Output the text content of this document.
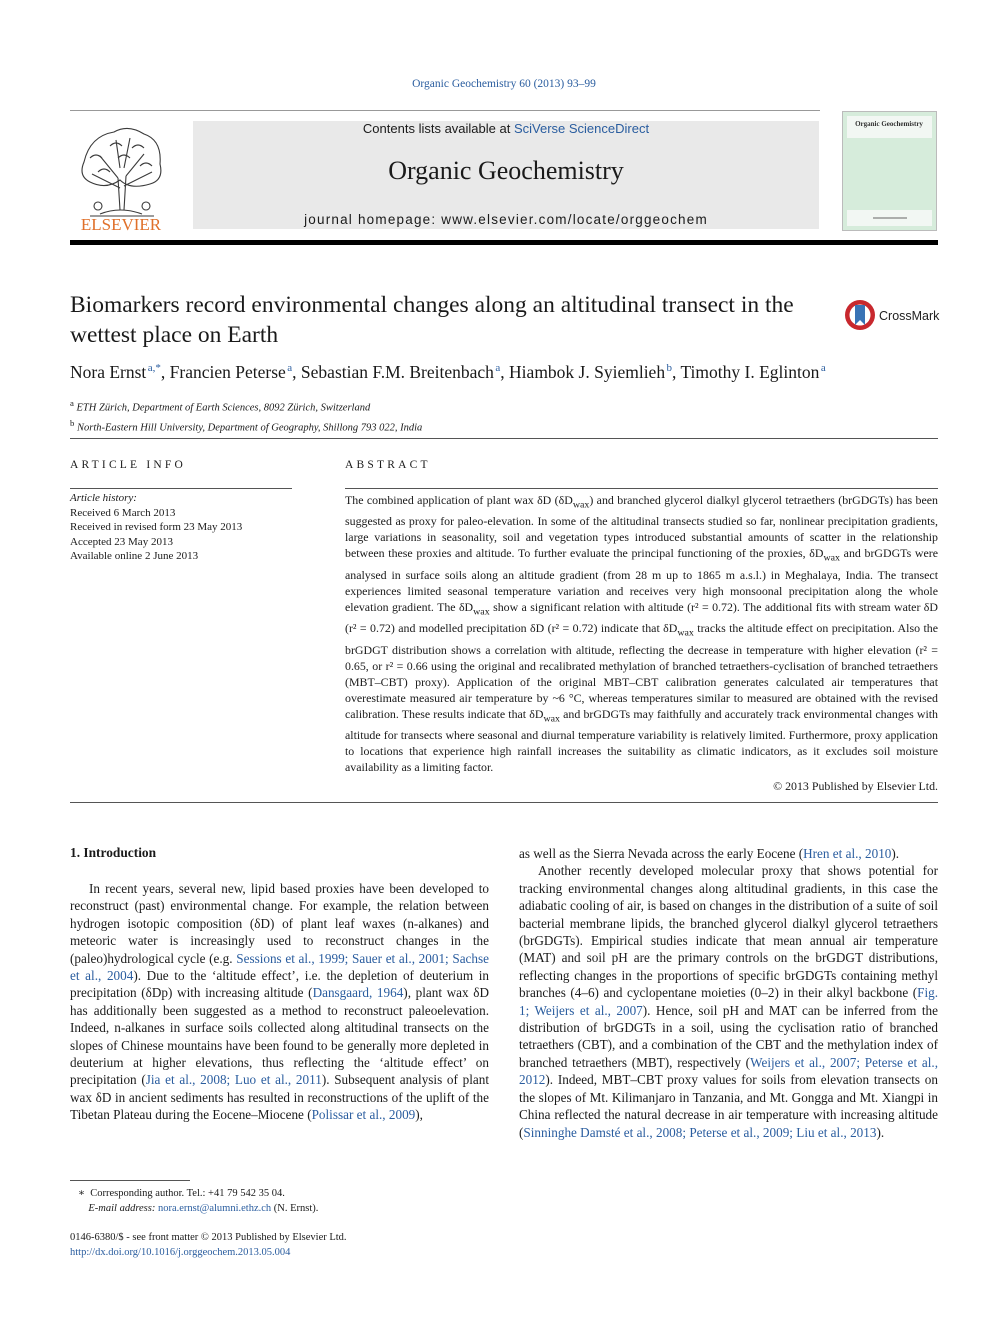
Organic Geochemistry 60 (2013) 93–99
ELSEVIER
Contents lists available at SciVerse ScienceDirect
Organic Geochemistry
journal homepage: www.elsevier.com/locate/orggeochem
Organic Geochemistry
Biomarkers record environmental changes along an altitudinal transect in the wettest place on Earth
CrossMark
Nora Ernst $^{a,*}$, Francien Peterse $^a$, Sebastian F.M. Breitenbach $^a$, Hiambok J. Syiemlieh $^b$, Timothy I. Eglinton $^a$
$^a$ ETH Zürich, Department of Earth Sciences, 8092 Zürich, Switzerland
$^b$ North-Eastern Hill University, Department of Geography, Shillong 793 022, India
ARTICLE INFO
Article history:
Received 6 March 2013
Received in revised form 23 May 2013
Accepted 23 May 2013
Available online 2 June 2013
ABSTRACT
The combined application of plant wax δD $(\delta D_{wax})$ and branched glycerol dialkyl glycerol tetraethers (brGDGTs) has been suggested as proxy for paleo-elevation. In some of the altitudinal transects studied so far, nonlinear precipitation gradients, large variations in seasonality, soil and vegetation types introduced substantial amounts of scatter in the relationship between these proxies and altitude. To further evaluate the principal functioning of the proxies, $\delta D_{wax}$ and brGDGTs were analysed in surface soils along an altitude gradient (from 28 m up to 1865 m a.s.l.) in Meghalaya, India. The transect experiences limited seasonal temperature variation and receives very high monsoonal precipitation along the whole elevation gradient. The $\delta D_{wax}$ show a significant relation with altitude (r² = 0.72). The additional fits with stream water δD (r² = 0.72) and modelled precipitation δD (r² = 0.72) indicate that $\delta D_{wax}$ tracks the altitude effect on precipitation. Also the brGDGT distribution shows a correlation with altitude, reflecting the decrease in temperature with higher elevation (r² = 0.65, or r² = 0.66 using the original and recalibrated methylation of branched tetraethers-cyclisation of branched tetraethers (MBT–CBT) proxy). Application of the original MBT–CBT calibration generates calculated air temperatures that overestimate measured air temperature by ~6 °C, whereas temperatures similar to measured are obtained with the revised calibration. These results indicate that $\delta D_{wax}$ and brGDGTs may faithfully and accurately track environmental changes with altitude for transects where seasonal and diurnal temperature variability is relatively limited. Furthermore, proxy application to locations that experience high rainfall increases the suitability as climatic indicators, as it excludes soil moisture availability as a limiting factor.
© 2013 Published by Elsevier Ltd.
1. Introduction

In recent years, several new, lipid based proxies have been developed to reconstruct (past) environmental change. For example, the relation between hydrogen isotopic composition (δD) of plant leaf waxes (n-alkanes) and meteoric water is increasingly used to reconstruct changes in the (paleo)hydrological cycle (e.g. Sessions et al., 1999; Sauer et al., 2001; Sachse et al., 2004). Due to the ‘altitude effect’, i.e. the depletion of deuterium in precipitation (δDp) with increasing altitude (Dansgaard, 1964), plant wax δD has additionally been suggested as a method to reconstruct paleoelevation. Indeed, n-alkanes in surface soils collected along altitudinal transects on the slopes of Chinese mountains have been found to be generally more depleted in deuterium at higher elevations, thus reflecting the ‘altitude effect’ on precipitation (Jia et al., 2008; Luo et al., 2011). Subsequent analysis of plant wax δD in ancient sediments has resulted in reconstructions of the uplift of the Tibetan Plateau during the Eocene–Miocene (Polissar et al., 2009),

as well as the Sierra Nevada across the early Eocene (Hren et al., 2010).

Another recently developed molecular proxy that shows potential for tracking environmental changes along altitudinal gradients, in this case the adiabatic cooling of air, is based on changes in the distribution of a suite of soil bacterial membrane lipids, the branched glycerol dialkyl glycerol tetraethers (brGDGTs). Empirical studies indicate that mean annual air temperature (MAT) and soil pH are the primary controls on the brGDGT distributions, reflecting changes in the proportions of specific brGDGTs containing methyl branches (4–6) and cyclopentane moieties (0–2) in their alkyl backbone (Fig. 1; Weijers et al., 2007). Hence, soil pH and MAT can be inferred from the distribution of brGDGTs in a soil, using the cyclisation ratio of branched tetraethers (CBT), and a combination of the CBT and the methylation index of branched tetraethers (MBT), respectively (Weijers et al., 2007; Peterse et al., 2012). Indeed, MBT–CBT proxy values for soils from elevation transects on the slopes of Mt. Kilimanjaro in Tanzania, and Mt. Gongga and Mt. Xiangpi in China reflected the natural decrease in air temperature with increasing altitude (Sinninghe Damsté et al., 2008; Peterse et al., 2009; Liu et al., 2013).

∗  Corresponding author. Tel.: +41 79 542 35 04.
E-mail address: nora.ernst@alumni.ethz.ch (N. Ernst).
0146-6380/$ - see front matter © 2013 Published by Elsevier Ltd.
http://dx.doi.org/10.1016/j.orggeochem.2013.05.004
